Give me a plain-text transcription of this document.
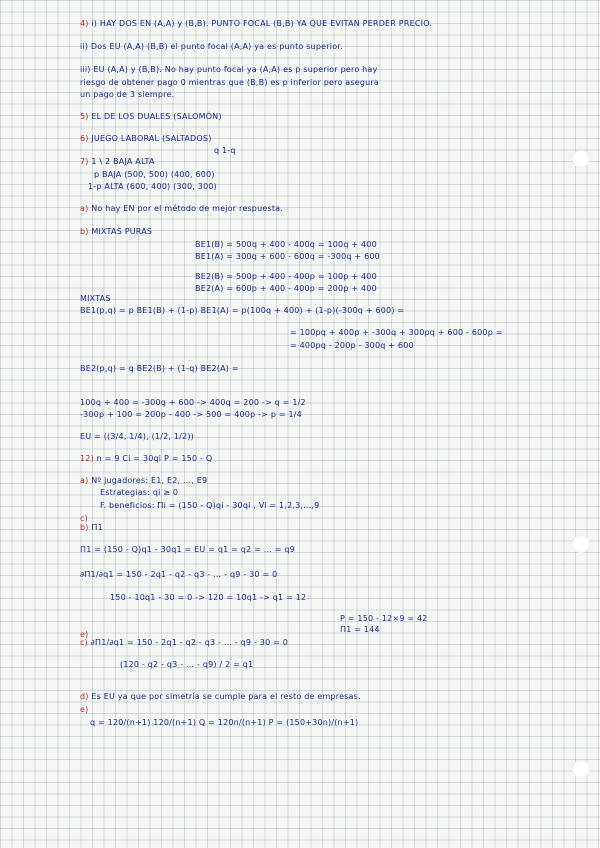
4) i) HAY DOS EN (A,A) y (B,B). PUNTO FOCAL (B,B) YA QUE EVITAN PERDER PRECIO.
ii) Dos EU (A,A) (B,B) el punto focal (A,A) ya es punto superior.
iii) EU (A,A) y (B,B). No hay punto focal ya (A,A) es p superior pero hay
riesgo de obtener pago 0 mientras que (B,B) es p inferior pero asegura
un pago de 3 siempre.
5) EL DE LOS DUALES (SALOMÓN)
6) JUEGO LABORAL (SALTADOS)
q 1-q
7) 1 \ 2 BAJA ALTA
p BAJA (500, 500) (400, 600)
1-p ALTA (600, 400) (300, 300)
a) No hay EN por el método de mejor respuesta.
b) MIXTAS PURAS
BE1(B) = 500q + 400 - 400q = 100q + 400
BE1(A) = 300q + 600 - 600q = -300q + 600
BE2(B) = 500p + 400 - 400p = 100p + 400
BE2(A) = 600p + 400 - 400p = 200p + 400
MIXTAS
BE1(p,q) = p BE1(B) + (1-p) BE1(A) = p(100q + 400) + (1-p)(-300q + 600) =
= 100pq + 400p + -300q + 300pq + 600 - 600p =
= 400pq - 200p - 300q + 600
BE2(p,q) = q BE2(B) + (1-q) BE2(A) =
100q + 400 = -300q + 600 -> 400q = 200 -> q = 1/2
-300p + 100 = 200p - 400 -> 500 = 400p -> p = 1/4
EU = ((3/4, 1/4), (1/2, 1/2))
12) n = 9 Ci = 30qi P = 150 - Q
a) Nº jugadores: E1, E2, ..., E9
Estrategias: qi ≥ 0
F. beneficios: Πi = (150 - Q)qi - 30qi , Vi = 1,2,3,...,9
c)
b) Π1
Π1 = (150 - Q)q1 - 30q1 = EU = q1 = q2 = ... = q9
∂Π1/∂q1 = 150 - 2q1 - q2 - q3 - ... - q9 - 30 = 0
150 - 10q1 - 30 = 0 -> 120 = 10q1 -> q1 = 12
P = 150 - 12×9 = 42
Π1 = 144
e)
c) ∂Π1/∂q1 = 150 - 2q1 - q2 - q3 - ... - q9 - 30 = 0
(120 - q2 - q3 - ... - q9) / 2 = q1
d) Es EU ya que por simetría se cumple para el resto de empresas.
e)
q = 120/(n+1) 120/(n+1) Q = 120n/(n+1) P = (150+30n)/(n+1)
